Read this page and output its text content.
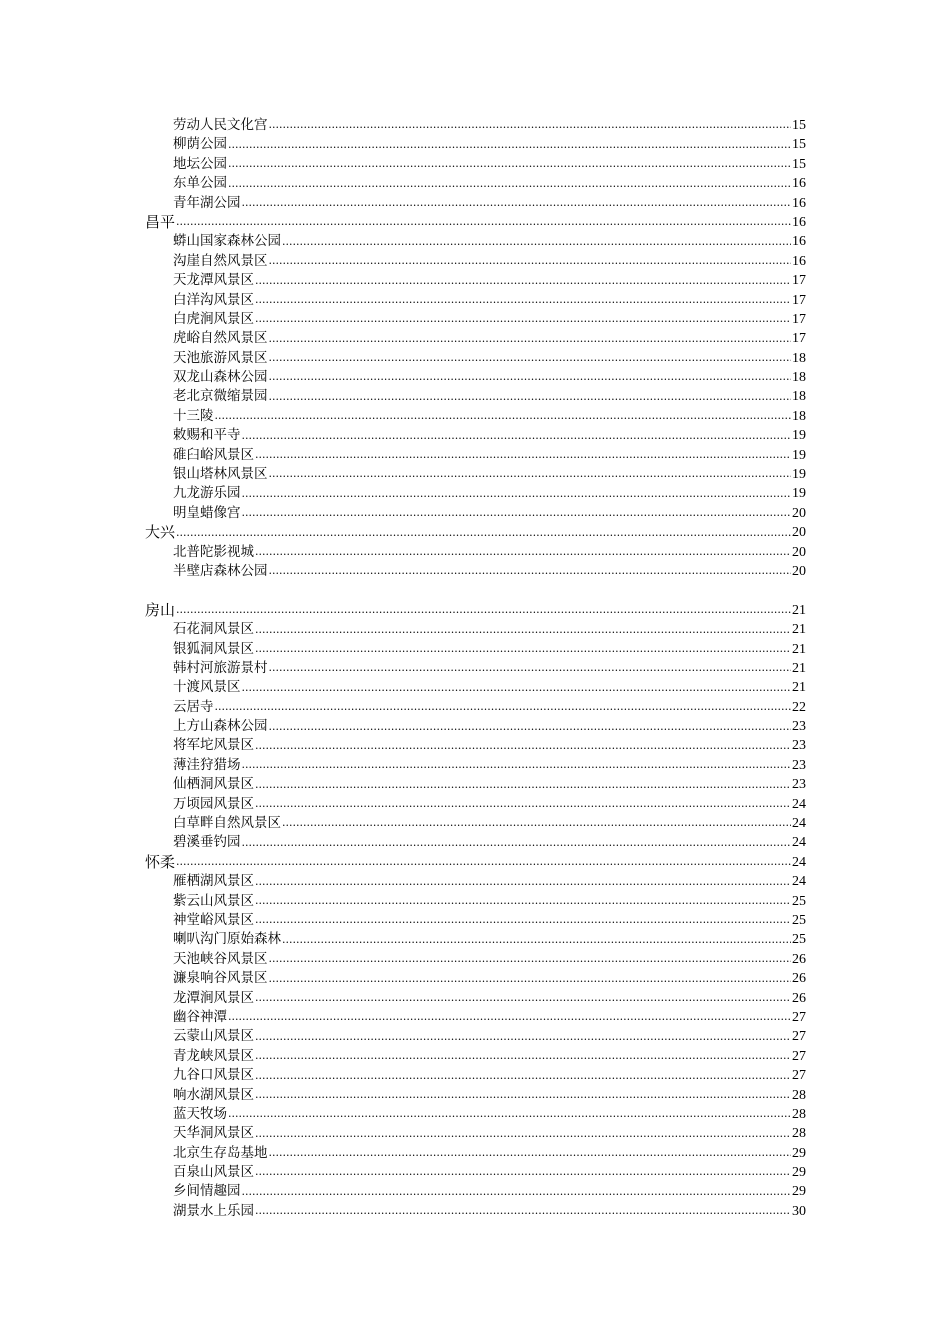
劳动人民文化宫 .....	15
柳荫公园 .....	15
地坛公园 .....	15
东单公园 .....	16
青年湖公园 .....	16
昌平 .....	16
蟒山国家森林公园 .....	16
沟崖自然风景区 .....	16
天龙潭风景区 .....	17
白洋沟风景区 .....	17
白虎涧风景区 .....	17
虎峪自然风景区 .....	17
天池旅游风景区 .....	18
双龙山森林公园 .....	18
老北京微缩景园 .....	18
十三陵 .....	18
敕赐和平寺 .....	19
碓臼峪风景区 .....	19
银山塔林风景区 .....	19
九龙游乐园 .....	19
明皇蜡像宫 .....	20
大兴 .....	20
北普陀影视城 .....	20
半壁店森林公园 .....	20
房山 .....	21
石花洞风景区 .....	21
银狐洞风景区 .....	21
韩村河旅游景村 .....	21
十渡风景区 .....	21
云居寺 .....	22
上方山森林公园 .....	23
将军坨风景区 .....	23
薄洼狩猎场 .....	23
仙栖洞风景区 .....	23
万顷园风景区 .....	24
白草畔自然风景区 .....	24
碧溪垂钓园 .....	24
怀柔 .....	24
雁栖湖风景区 .....	24
紫云山风景区 .....	25
神堂峪风景区 .....	25
喇叭沟门原始森林 .....	25
天池峡谷风景区 .....	26
濂泉响谷风景区 .....	26
龙潭涧风景区 .....	26
幽谷神潭 .....	27
云蒙山风景区 .....	27
青龙峡风景区 .....	27
九谷口风景区 .....	27
响水湖风景区 .....	28
蓝天牧场 .....	28
天华洞风景区 .....	28
北京生存岛基地 .....	29
百泉山风景区 .....	29
乡间情趣园 .....	29
湖景水上乐园 .....	30
